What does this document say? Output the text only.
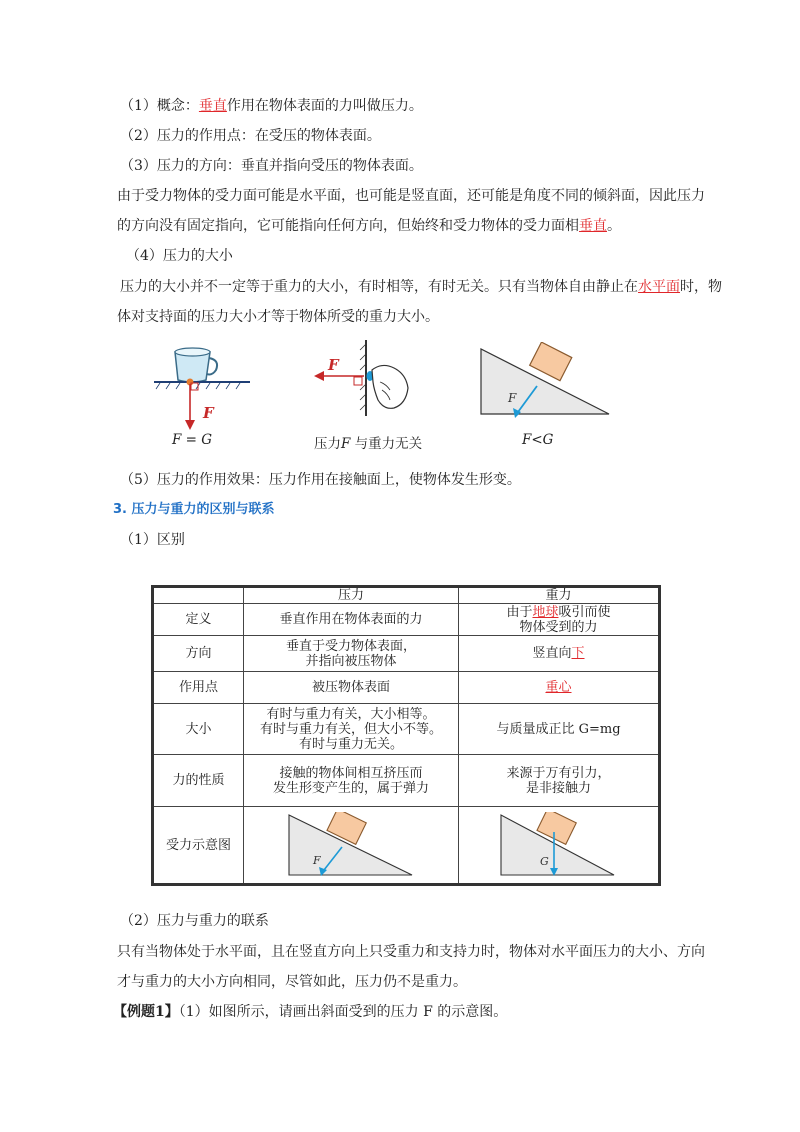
（1）概念：垂直作用在物体表面的力叫做压力。
（2）压力的作用点：在受压的物体表面。
（3）压力的方向：垂直并指向受压的物体表面。
由于受力物体的受力面可能是水平面，也可能是竖直面，还可能是角度不同的倾斜面，因此压力
的方向没有固定指向，它可能指向任何方向，但始终和受力物体的受力面相垂直。
（4）压力的大小
压力的大小并不一定等于重力的大小，有时相等，有时无关。只有当物体自由静止在水平面时，物
体对支持面的压力大小才等于物体所受的重力大小。
F
F = G
F
压力F 与重力无关
F
F<G
（5）压力的作用效果：压力作用在接触面上，使物体发生形变。
3. 压力与重力的区别与联系
（1）区别
	压力	重力
定义	垂直作用在物体表面的力	由于地球吸引而使
物体受到的力

方向	垂直于受力物体表面，
并指向被压物体	竖直向下
作用点	被压物体表面	重心
大小	有时与重力有关，大小相等。
有时与重力有关，但大小不等。
有时与重力无关。	与质量成正比 G=mg
力的性质	接触的物体间相互挤压而
发生形变产生的，属于弹力	来源于万有引力，
是非接触力

受力示意图	F	G
（2）压力与重力的联系
只有当物体处于水平面，且在竖直方向上只受重力和支持力时，物体对水平面压力的大小、方向
才与重力的大小方向相同，尽管如此，压力仍不是重力。
【例题1】（1）如图所示，请画出斜面受到的压力 F 的示意图。
